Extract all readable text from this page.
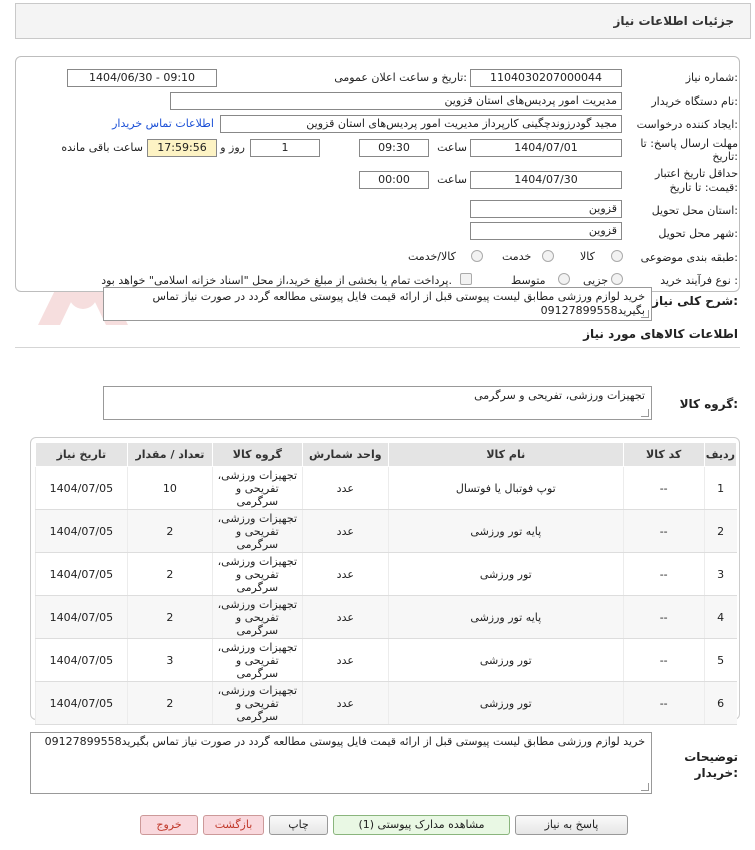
جزئیات اطلاعات نیاز
شماره نیاز:
1104030207000044
تاریخ و ساعت اعلان عمومی:
1404/06/30 - 09:10
نام دستگاه خریدار:
مدیریت امور پردیس‌های استان قزوین
ایجاد کننده درخواست:
مجید گودرزوندچگینی کارپرداز مدیریت امور پردیس‌های استان قزوین
اطلاعات تماس خریدار
مهلت ارسال پاسخ: تا
تاریخ:
1404/07/01
ساعت
09:30
1
روز و
17:59:56
ساعت باقی مانده
حداقل تاریخ اعتبار
قیمت: تا تاریخ:
1404/07/30
ساعت
00:00
استان محل تحویل:
قزوین
شهر محل تحویل:
قزوین
طبقه بندی موضوعی:
کالا
خدمت
کالا/خدمت
نوع فرآیند خرید :
جزیی
متوسط
پرداخت تمام یا بخشی از مبلغ خرید،از محل "اسناد خزانه اسلامی" خواهد بود.
شرح کلی نیاز:
خرید لوازم ورزشی مطابق لیست پیوستی قبل از ارائه قیمت فایل پیوستی مطالعه گردد در صورت نیاز تماس بگیرید09127899558
اطلاعات کالاهای مورد نیاز
گروه کالا:
تجهیزات ورزشی، تفریحی و سرگرمی
ردیف	کد کالا	نام کالا	واحد شمارش	گروه کالا	تعداد / مقدار	تاریخ نیاز
1	--	توپ فوتبال یا فوتسال	عدد	تجهیزات ورزشی، تفریحی و سرگرمی	10	1404/07/05
2	--	پایه تور ورزشی	عدد	تجهیزات ورزشی، تفریحی و سرگرمی	2	1404/07/05
3	--	تور ورزشی	عدد	تجهیزات ورزشی، تفریحی و سرگرمی	2	1404/07/05
4	--	پایه تور ورزشی	عدد	تجهیزات ورزشی، تفریحی و سرگرمی	2	1404/07/05
5	--	تور ورزشی	عدد	تجهیزات ورزشی، تفریحی و سرگرمی	3	1404/07/05
6	--	تور ورزشی	عدد	تجهیزات ورزشی، تفریحی و سرگرمی	2	1404/07/05
توضیحات
خریدار:
خرید لوازم ورزشی مطابق لیست پیوستی قبل از ارائه قیمت فایل پیوستی مطالعه گردد در صورت نیاز تماس بگیرید09127899558
پاسخ به نیاز
مشاهده مدارک پیوستی (1)
چاپ
بازگشت
خروج
